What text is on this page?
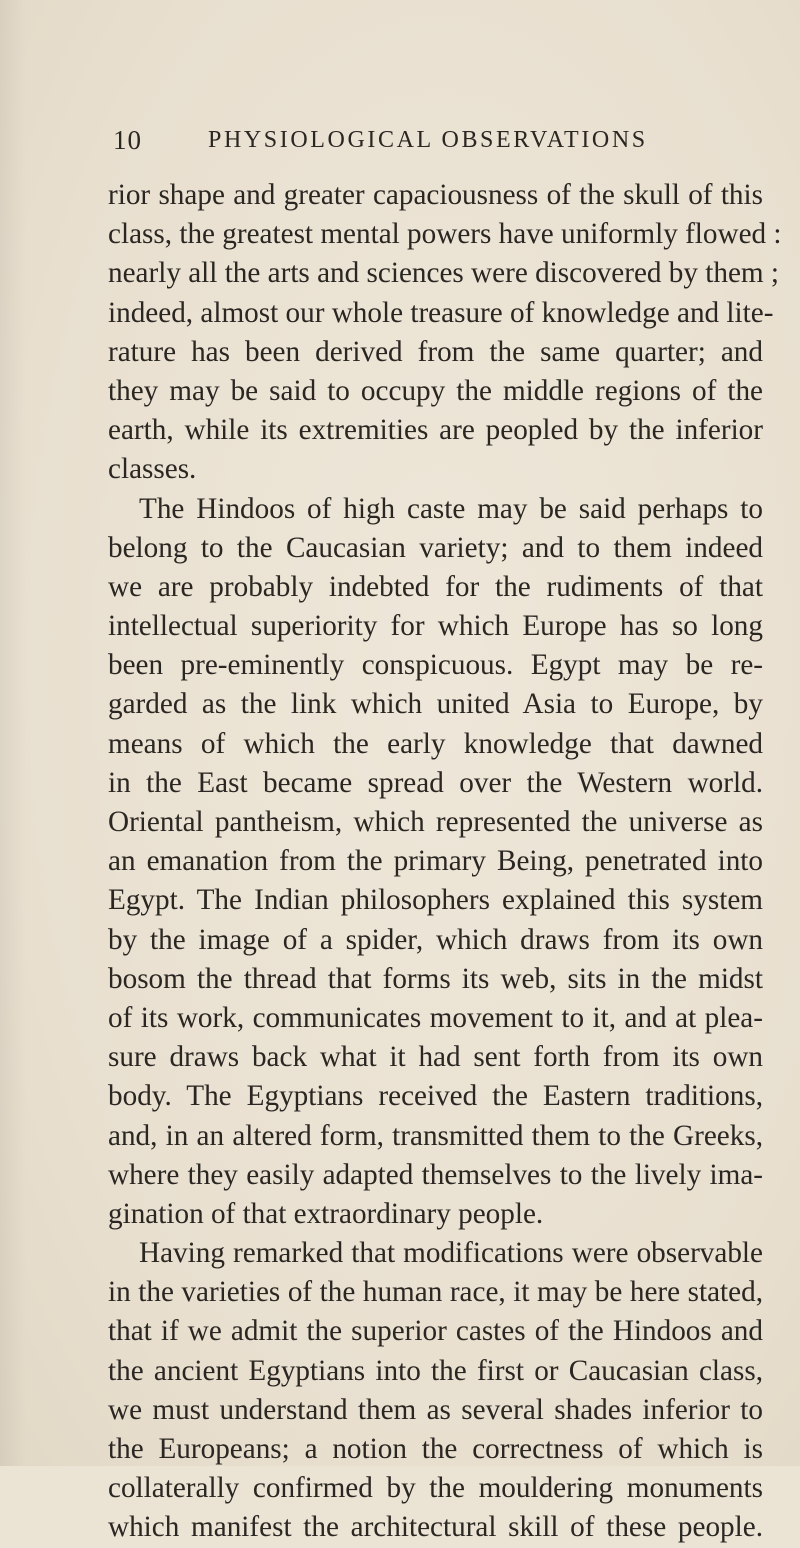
10	PHYSIOLOGICAL OBSERVATIONS
rior shape and greater capaciousness of the skull of this
class, the greatest mental powers have uniformly flowed :
nearly all the arts and sciences were discovered by them ;
indeed, almost our whole treasure of knowledge and lite-
rature has been derived from the same quarter; and
they may be said to occupy the middle regions of the
earth, while its extremities are peopled by the inferior
classes.
The Hindoos of high caste may be said perhaps to
belong to the Caucasian variety; and to them indeed
we are probably indebted for the rudiments of that
intellectual superiority for which Europe has so long
been pre-eminently conspicuous. Egypt may be re-
garded as the link which united Asia to Europe, by
means of which the early knowledge that dawned
in the East became spread over the Western world.
Oriental pantheism, which represented the universe as
an emanation from the primary Being, penetrated into
Egypt. The Indian philosophers explained this system
by the image of a spider, which draws from its own
bosom the thread that forms its web, sits in the midst
of its work, communicates movement to it, and at plea-
sure draws back what it had sent forth from its own
body. The Egyptians received the Eastern traditions,
and, in an altered form, transmitted them to the Greeks,
where they easily adapted themselves to the lively ima-
gination of that extraordinary people.
Having remarked that modifications were observable
in the varieties of the human race, it may be here stated,
that if we admit the superior castes of the Hindoos and
the ancient Egyptians into the first or Caucasian class,
we must understand them as several shades inferior to
the Europeans; a notion the correctness of which is
collaterally confirmed by the mouldering monuments
which manifest the architectural skill of these people.
